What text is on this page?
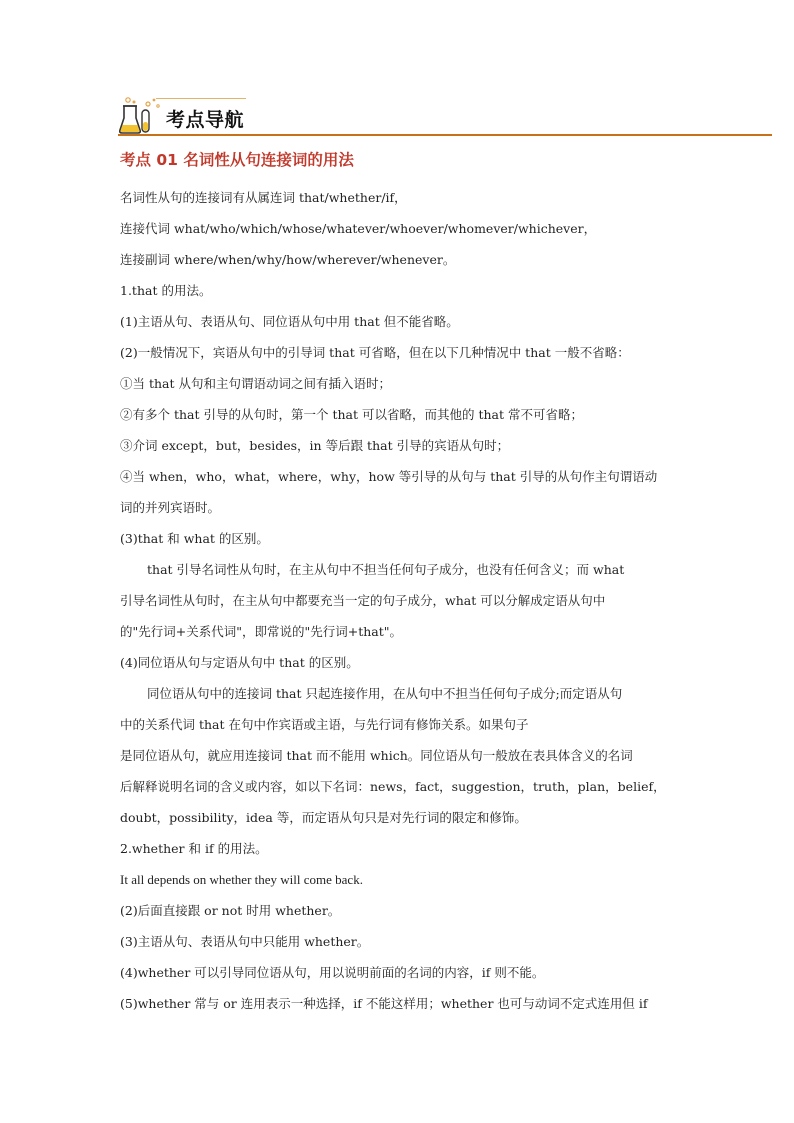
考点导航
考点 01 名词性从句连接词的用法

名词性从句的连接词有从属连词 that/whether/if，

连接代词 what/who/which/whose/whatever/whoever/whomever/whichever，

连接副词 where/when/why/how/wherever/whenever。

1.that 的用法。

(1)主语从句、表语从句、同位语从句中用 that 但不能省略。

(2)一般情况下，宾语从句中的引导词 that 可省略，但在以下几种情况中 that 一般不省略：

①当 that 从句和主句谓语动词之间有插入语时；

②有多个 that 引导的从句时，第一个 that 可以省略，而其他的 that 常不可省略；

③介词 except，but，besides，in 等后跟 that 引导的宾语从句时；

④当 when，who，what，where，why，how 等引导的从句与 that 引导的从句作主句谓语动

词的并列宾语时。

(3)that 和 what 的区别。

that 引导名词性从句时，在主从句中不担当任何句子成分，也没有任何含义；而 what

引导名词性从句时，在主从句中都要充当一定的句子成分，what 可以分解成定语从句中

的"先行词+关系代词"，即常说的"先行词+that"。

(4)同位语从句与定语从句中 that 的区别。

同位语从句中的连接词 that 只起连接作用，在从句中不担当任何句子成分;而定语从句

中的关系代词 that 在句中作宾语或主语，与先行词有修饰关系。如果句子

是同位语从句，就应用连接词 that 而不能用 which。同位语从句一般放在表具体含义的名词

后解释说明名词的含义或内容，如以下名词：news，fact，suggestion，truth，plan，belief，

doubt，possibility，idea 等，而定语从句只是对先行词的限定和修饰。

2.whether 和 if 的用法。

It all depends on whether they will come back.

(2)后面直接跟 or not 时用 whether。

(3)主语从句、表语从句中只能用 whether。

(4)whether 可以引导同位语从句，用以说明前面的名词的内容，if 则不能。

(5)whether 常与 or 连用表示一种选择，if 不能这样用；whether 也可与动词不定式连用但 if
